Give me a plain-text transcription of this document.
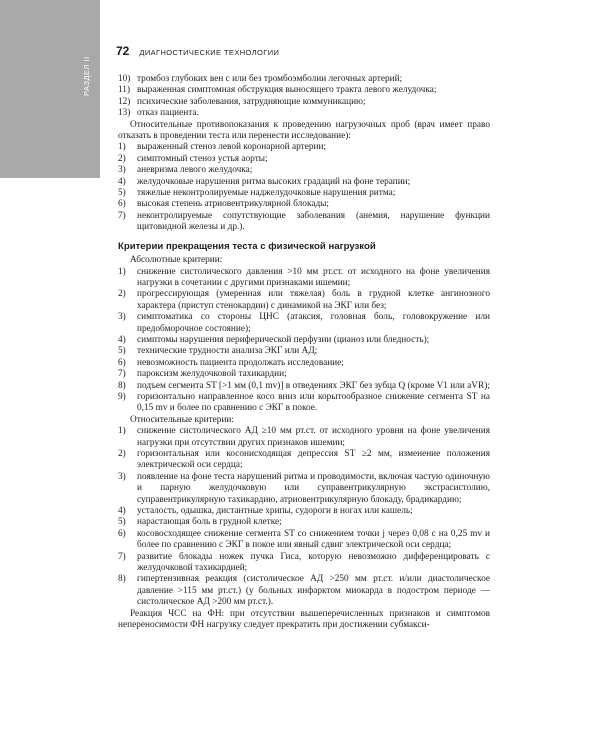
РАЗДЕЛ II
72 ДИАГНОСТИЧЕСКИЕ ТЕХНОЛОГИИ
10) тромбоз глубоких вен с или без тромбоэмболии легочных артерий;
11) выраженная симптомная обструкция выносящего тракта левого желудочка;
12) психические заболевания, затрудняющие коммуникацию;
13) отказ пациента.

Относительные противопоказания к проведению нагрузочных проб (врач имеет право отказать в проведении теста или перенести исследование):

1)	выраженный стеноз левой коронарной артерии;
2)	симптомный стеноз устья аорты;
3)	аневризма левого желудочка;
4)	желудочковые нарушения ритма высоких градаций на фоне терапии;
5)	тяжелые неконтролируемые наджелудочковые нарушения ритма;
6)	высокая степень атриовентрикулярной блокады;
7)	неконтролируемые сопутствующие заболевания (анемия, нарушение функции щитовидной железы и др.).
Критерии прекращения теста с физической нагрузкой

Абсолютные критерии:

1)	снижение систолического давления >10 мм рт.ст. от исходного на фоне увеличения нагрузки в сочетании с другими признаками ишемии;
2)	прогрессирующая (умеренная или тяжелая) боль в грудной клетке ангинозного характера (приступ стенокардии) с динамикой на ЭКГ или без;
3)	симптоматика со стороны ЦНС (атаксия, головная боль, головокружение или предобморочное состояние);
4)	симптомы нарушения периферической перфузии (цианоз или бледность);
5)	технические трудности анализа ЭКГ или АД;
6)	невозможность пациента продолжать исследование;
7)	пароксизм желудочковой тахикардии;
8)	подъем сегмента ST [>1 мм (0,1 mv)] в отведениях ЭКГ без зубца Q (кроме V1 или aVR);
9)	горизонтально направленное косо вниз или корытообразное снижение сегмента ST на 0,15 mv и более по сравнению с ЭКГ в покое.

Относительные критерии:

1)	снижение систолического АД ≥10 мм рт.ст. от исходного уровня на фоне увеличения нагрузки при отсутствии других признаков ишемии;
2)	горизонтальная или косонисходящая депрессия ST ≥2 мм, изменение положения электрической оси сердца;
3)	появление на фоне теста нарушений ритма и проводимости, включая частую одиночную и парную желудочковую или суправентрикулярную экстрасистолию, суправентрикулярную тахикардию, атриовентрикулярную блокаду, брадикардию;
4)	усталость, одышка, дистантные хрипы, судороги в ногах или кашель;
5)	нарастающая боль в грудной клетке;
6)	косовосходящее снижение сегмента ST со снижением точки j через 0,08 с на 0,25 mv и более по сравнению с ЭКГ в покое или явный сдвиг электрической оси сердца;
7)	развитие блокады ножек пучка Гиса, которую невозможно дифференцировать с желудочковой тахикардией;
8)	гипертензивная реакция (систолическое АД >250 мм рт.ст. и/или диастолическое давление >115 мм рт.ст.) (у больных инфарктом миокарда в подостром периоде — систолическое АД >200 мм рт.ст.).

Реакция ЧСС на ФН: при отсутствии вышеперечисленных признаков и симптомов непереносимости ФН нагрузку следует прекратить при достижении субмакси-
